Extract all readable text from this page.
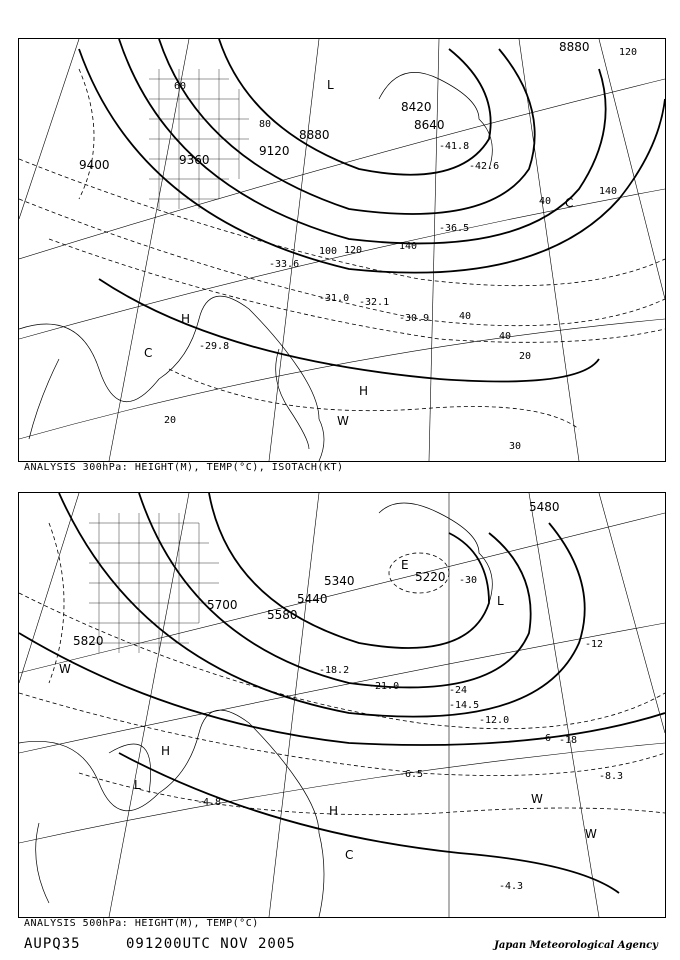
8880
9120
9360
9400
8640
8420
8880	120
140
40
20
40
20
30
100	140
120
60
80
40
H
C
H
L
C
W
-32.1
-30.9
-29.8
-31.0
-33.6
-36.5
-41.8
-42.6
ANALYSIS 300hPa: HEIGHT(M), TEMP(°C), ISOTACH(KT)
5820
5700
5580
5440
5340	5220
5480
-12
-6 -18
-24
-30
H
H
L
C
W
W
W
L
E
-4.8
-6.5
-12.0
-14.5
-18.2
-21.0
-4.3
-8.3
ANALYSIS 500hPa: HEIGHT(M), TEMP(°C)
AUPQ35	091200UTC NOV 2005	Japan Meteorological Agency
